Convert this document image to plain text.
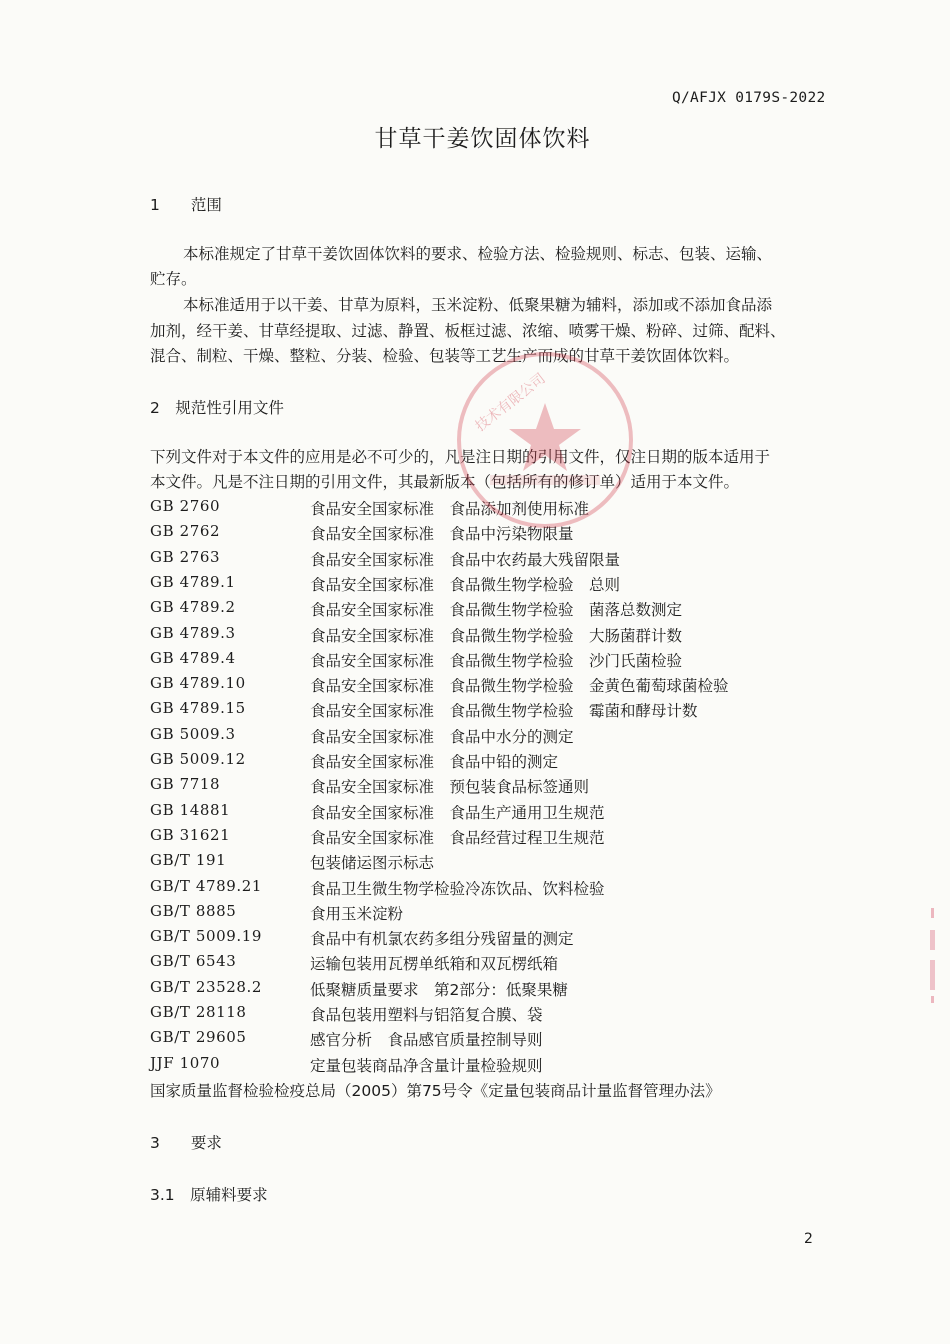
Q/AFJX 0179S-2022
甘草干姜饮固体饮料
1　　范围
本标准规定了甘草干姜饮固体饮料的要求、检验方法、检验规则、标志、包装、运输、
贮存。
本标准适用于以干姜、甘草为原料，玉米淀粉、低聚果糖为辅料，添加或不添加食品添
加剂，经干姜、甘草经提取、过滤、静置、板框过滤、浓缩、喷雾干燥、粉碎、过筛、配料、
混合、制粒、干燥、整粒、分装、检验、包装等工艺生产而成的甘草干姜饮固体饮料。
2　规范性引用文件
下列文件对于本文件的应用是必不可少的，凡是注日期的引用文件，仅注日期的版本适用于
本文件。凡是不注日期的引用文件，其最新版本（包括所有的修订单）适用于本文件。
GB 2760	食品安全国家标准　食品添加剂使用标准
GB 2762	食品安全国家标准　食品中污染物限量
GB 2763	食品安全国家标准　食品中农药最大残留限量
GB 4789.1	食品安全国家标准　食品微生物学检验　总则
GB 4789.2	食品安全国家标准　食品微生物学检验　菌落总数测定
GB 4789.3	食品安全国家标准　食品微生物学检验　大肠菌群计数
GB 4789.4	食品安全国家标准　食品微生物学检验　沙门氏菌检验
GB 4789.10	食品安全国家标准　食品微生物学检验　金黄色葡萄球菌检验
GB 4789.15	食品安全国家标准　食品微生物学检验　霉菌和酵母计数
GB 5009.3	食品安全国家标准　食品中水分的测定
GB 5009.12	食品安全国家标准　食品中铅的测定
GB 7718	食品安全国家标准　预包装食品标签通则
GB 14881	食品安全国家标准　食品生产通用卫生规范
GB 31621	食品安全国家标准　食品经营过程卫生规范
GB/T 191	包装储运图示标志
GB/T 4789.21	食品卫生微生物学检验冷冻饮品、饮料检验
GB/T 8885	食用玉米淀粉
GB/T 5009.19	食品中有机氯农药多组分残留量的测定
GB/T 6543	运输包装用瓦楞单纸箱和双瓦楞纸箱
GB/T 23528.2	低聚糖质量要求　第2部分：低聚果糖
GB/T 28118	食品包装用塑料与铝箔复合膜、袋
GB/T 29605	感官分析　食品感官质量控制导则
JJF 1070	定量包装商品净含量计量检验规则
国家质量监督检验检疫总局（2005）第75号令《定量包装商品计量监督管理办法》
3　　要求
3.1　原辅料要求
2
技术有限公司
